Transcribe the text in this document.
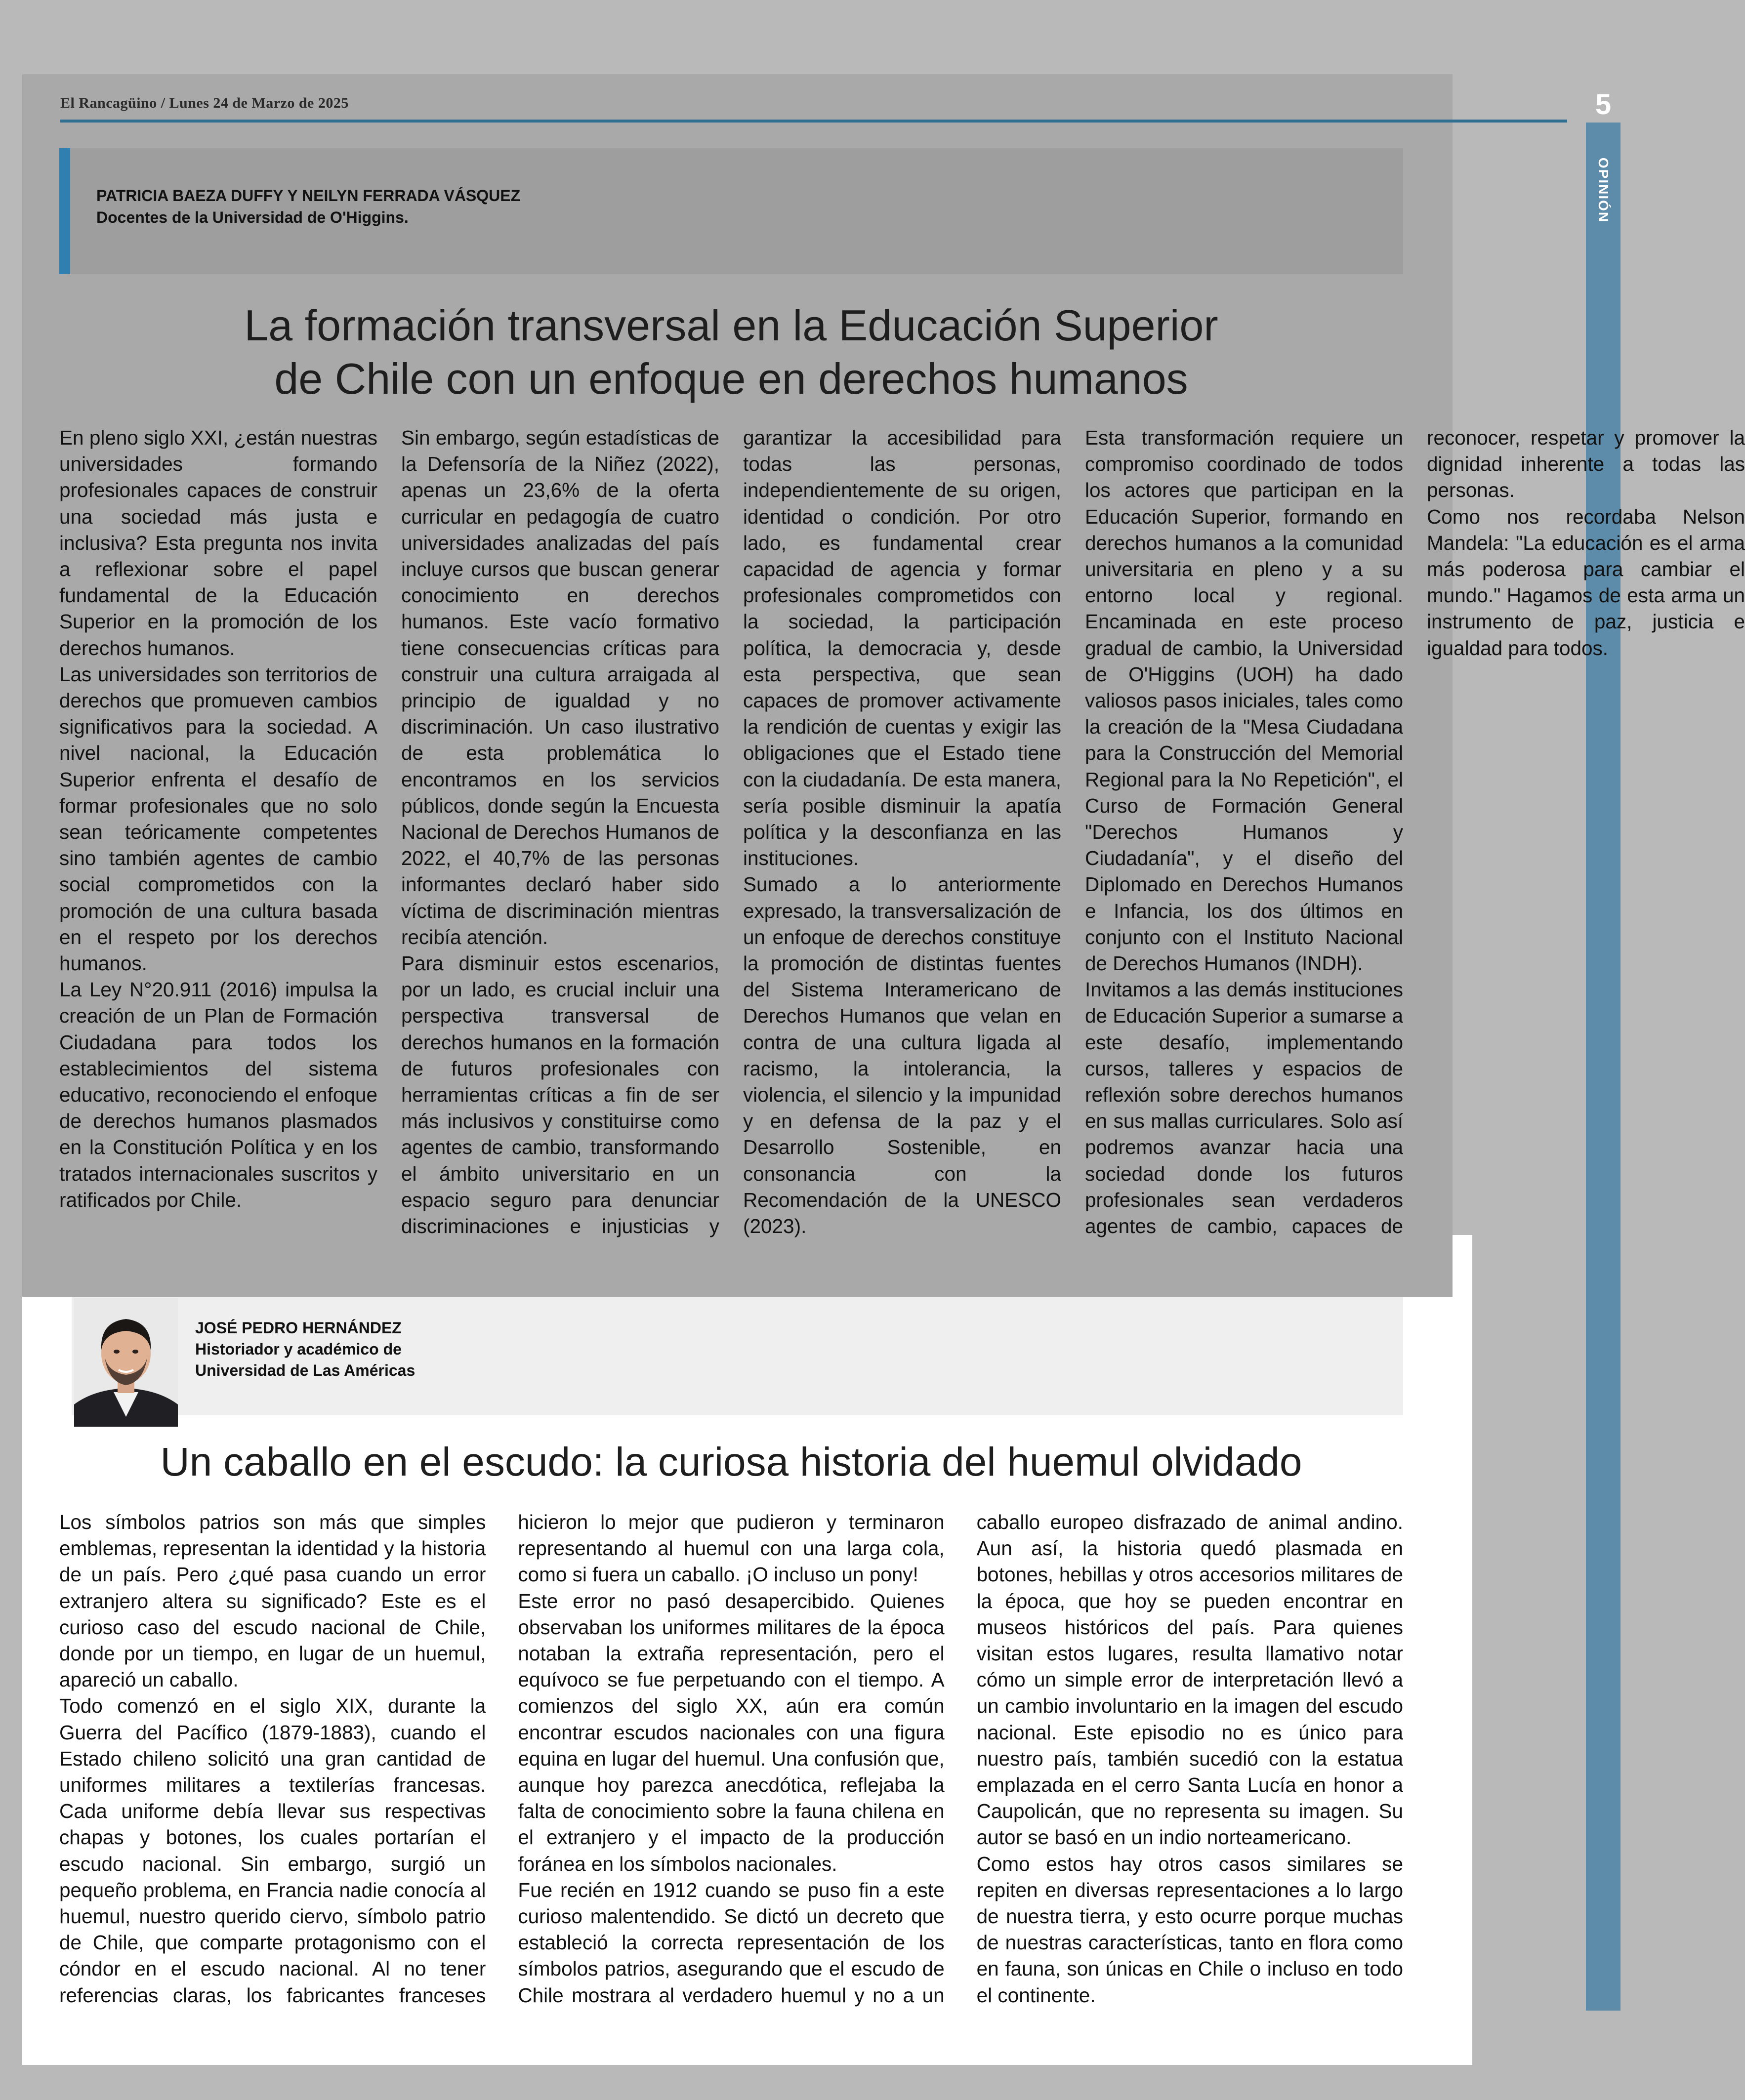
El Rancagüino / Lunes 24 de Marzo de 2025	5
OPINIÓN
PATRICIA BAEZA DUFFY Y NEILYN FERRADA VÁSQUEZ
Docentes de la Universidad de O'Higgins.
La formación transversal en la Educación Superior
de Chile con un enfoque en derechos humanos

En pleno siglo XXI, ¿están nuestras universidades formando profesionales capaces de construir una sociedad más justa e inclusiva? Esta pregunta nos invita a reflexionar sobre el papel fundamental de la Educación Superior en la promoción de los derechos humanos.

Las universidades son territorios de derechos que promueven cambios significativos para la sociedad. A nivel nacional, la Educación Superior enfrenta el desafío de formar profesionales que no solo sean teóricamente competentes sino también agentes de cambio social comprometidos con la promoción de una cultura basada en el respeto por los derechos humanos.

La Ley N°20.911 (2016) impulsa la creación de un Plan de Formación Ciudadana para todos los establecimientos del sistema educativo, reconociendo el enfoque de derechos humanos plasmados en la Constitución Política y en los tratados internacionales suscritos y ratificados por Chile.

Sin embargo, según estadísticas de la Defensoría de la Niñez (2022), apenas un 23,6% de la oferta curricular en pedagogía de cuatro universidades analizadas del país incluye cursos que buscan generar conocimiento en derechos humanos. Este vacío formativo tiene consecuencias críticas para construir una cultura arraigada al principio de igualdad y no discriminación. Un caso ilustrativo de esta problemática lo encontramos en los servicios públicos, donde según la Encuesta Nacional de Derechos Humanos de 2022, el 40,7% de las personas informantes declaró haber sido víctima de discriminación mientras recibía atención.

Para disminuir estos escenarios, por un lado, es crucial incluir una perspectiva transversal de derechos humanos en la formación de futuros profesionales con herramientas críticas a fin de ser más inclusivos y constituirse como agentes de cambio, transformando el ámbito universitario en un espacio seguro para denunciar discriminaciones e injusticias y garantizar la accesibilidad para todas las personas, independientemente de su origen, identidad o condición. Por otro lado, es fundamental crear capacidad de agencia y formar profesionales comprometidos con la sociedad, la participación política, la democracia y, desde esta perspectiva, que sean capaces de promover activamente la rendición de cuentas y exigir las obligaciones que el Estado tiene con la ciudadanía. De esta manera, sería posible disminuir la apatía política y la desconfianza en las instituciones.

Sumado a lo anteriormente expresado, la transversalización de un enfoque de derechos constituye la promoción de distintas fuentes del Sistema Interamericano de Derechos Humanos que velan en contra de una cultura ligada al racismo, la intolerancia, la violencia, el silencio y la impunidad y en defensa de la paz y el Desarrollo Sostenible, en consonancia con la Recomendación de la UNESCO (2023).

Esta transformación requiere un compromiso coordinado de todos los actores que participan en la Educación Superior, formando en derechos humanos a la comunidad universitaria en pleno y a su entorno local y regional. Encaminada en este proceso gradual de cambio, la Universidad de O'Higgins (UOH) ha dado valiosos pasos iniciales, tales como la creación de la "Mesa Ciudadana para la Construcción del Memorial Regional para la No Repetición", el Curso de Formación General "Derechos Humanos y Ciudadanía", y el diseño del Diplomado en Derechos Humanos e Infancia, los dos últimos en conjunto con el Instituto Nacional de Derechos Humanos (INDH).

Invitamos a las demás instituciones de Educación Superior a sumarse a este desafío, implementando cursos, talleres y espacios de reflexión sobre derechos humanos en sus mallas curriculares. Solo así podremos avanzar hacia una sociedad donde los futuros profesionales sean verdaderos agentes de cambio, capaces de reconocer, respetar y promover la dignidad inherente a todas las personas.

Como nos recordaba Nelson Mandela: "La educación es el arma más poderosa para cambiar el mundo." Hagamos de esta arma un instrumento de paz, justicia e igualdad para todos.

JOSÉ PEDRO HERNÁNDEZ
Historiador y académico de
Universidad de Las Américas
Un caballo en el escudo: la curiosa historia del huemul olvidado

Los símbolos patrios son más que simples emblemas, representan la identidad y la historia de un país. Pero ¿qué pasa cuando un error extranjero altera su significado? Este es el curioso caso del escudo nacional de Chile, donde por un tiempo, en lugar de un huemul, apareció un caballo.

Todo comenzó en el siglo XIX, durante la Guerra del Pacífico (1879-1883), cuando el Estado chileno solicitó una gran cantidad de uniformes militares a textilerías francesas. Cada uniforme debía llevar sus respectivas chapas y botones, los cuales portarían el escudo nacional. Sin embargo, surgió un pequeño problema, en Francia nadie conocía al huemul, nuestro querido ciervo, símbolo patrio de Chile, que comparte protagonismo con el cóndor en el escudo nacional. Al no tener referencias claras, los fabricantes franceses hicieron lo mejor que pudieron y terminaron representando al huemul con una larga cola, como si fuera un caballo. ¡O incluso un pony!

Este error no pasó desapercibido. Quienes observaban los uniformes militares de la época notaban la extraña representación, pero el equívoco se fue perpetuando con el tiempo. A comienzos del siglo XX, aún era común encontrar escudos nacionales con una figura equina en lugar del huemul. Una confusión que, aunque hoy parezca anecdótica, reflejaba la falta de conocimiento sobre la fauna chilena en el extranjero y el impacto de la producción foránea en los símbolos nacionales.

Fue recién en 1912 cuando se puso fin a este curioso malentendido. Se dictó un decreto que estableció la correcta representación de los símbolos patrios, asegurando que el escudo de Chile mostrara al verdadero huemul y no a un caballo europeo disfrazado de animal andino. Aun así, la historia quedó plasmada en botones, hebillas y otros accesorios militares de la época, que hoy se pueden encontrar en museos históricos del país. Para quienes visitan estos lugares, resulta llamativo notar cómo un simple error de interpretación llevó a un cambio involuntario en la imagen del escudo nacional. Este episodio no es único para nuestro país, también sucedió con la estatua emplazada en el cerro Santa Lucía en honor a Caupolicán, que no representa su imagen. Su autor se basó en un indio norteamericano.

Como estos hay otros casos similares se repiten en diversas representaciones a lo largo de nuestra tierra, y esto ocurre porque muchas de nuestras características, tanto en flora como en fauna, son únicas en Chile o incluso en todo el continente.
